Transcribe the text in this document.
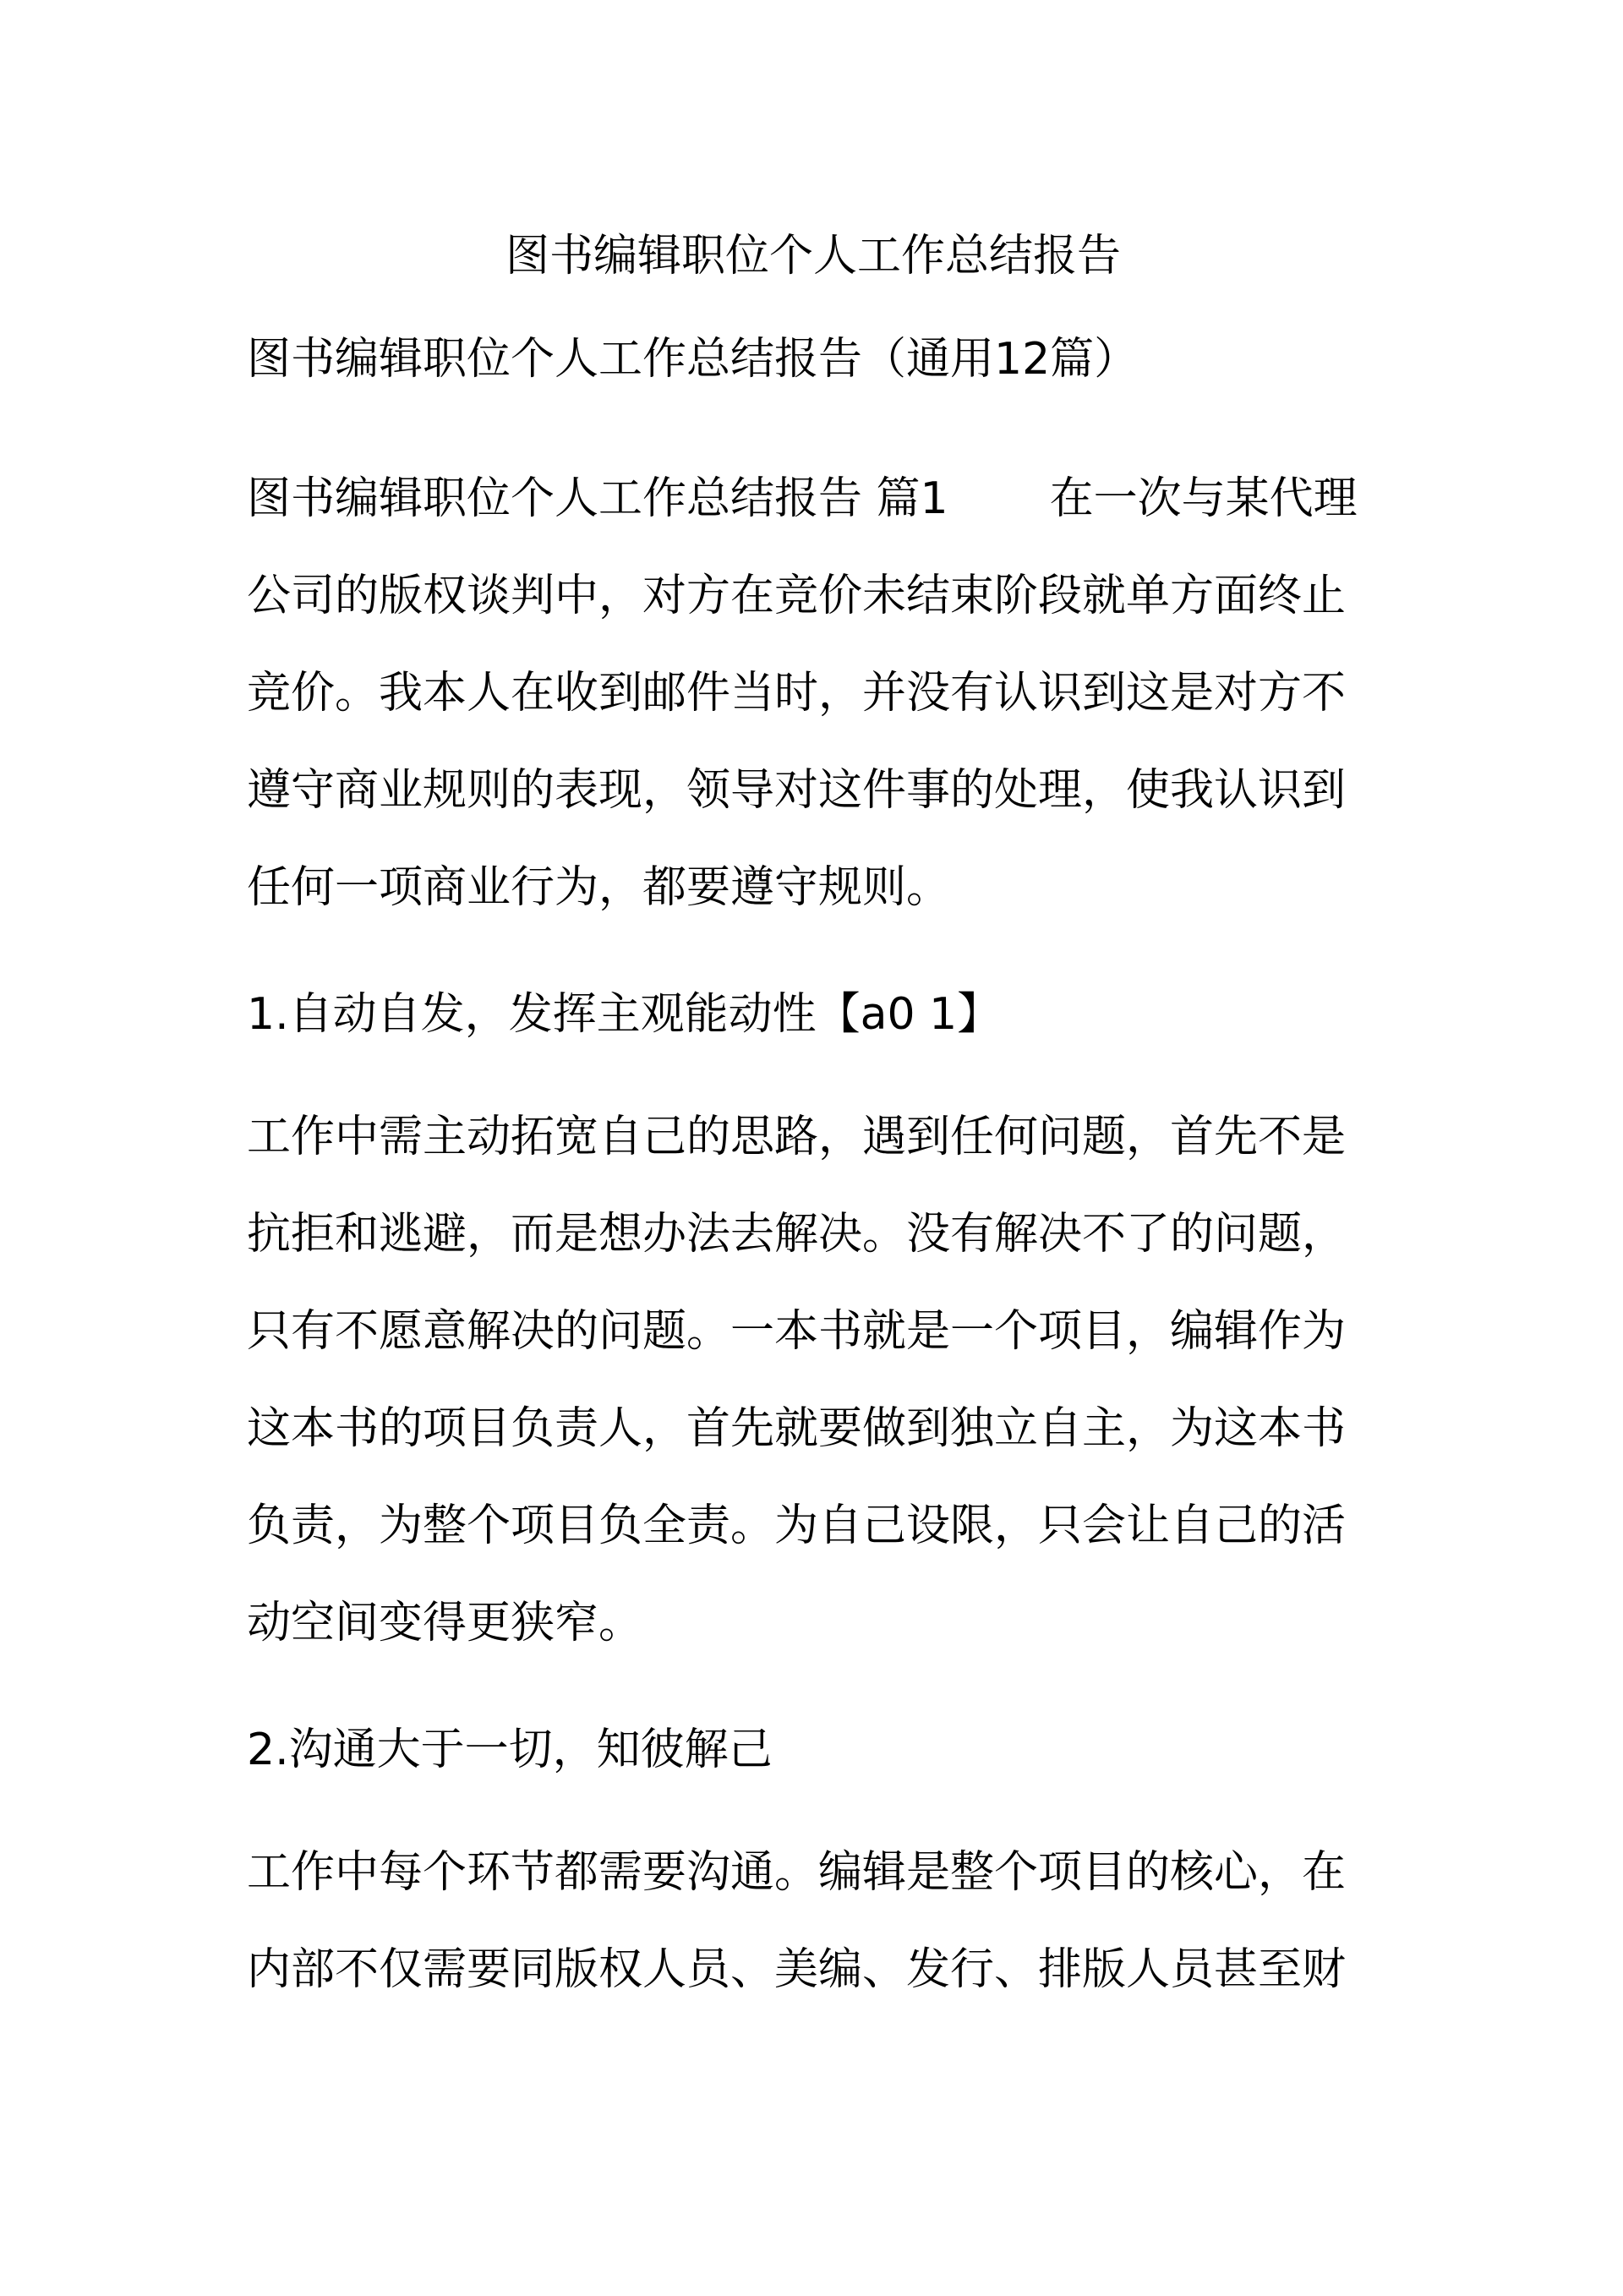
图书编辑职位个人工作总结报告
图书编辑职位个人工作总结报告（通用12篇）
图书编辑职位个人工作总结报告 篇1 在一次与某代理
公司的版权谈判中，对方在竞价未结束阶段就单方面终止
竞价。我本人在收到邮件当时，并没有认识到这是对方不
遵守商业规则的表现，领导对这件事的处理，使我认识到
任何一项商业行为，都要遵守规则。
1.自动自发，发挥主观能动性【a0 1】
工作中需主动拓宽自己的思路，遇到任何问题，首先不是
抗拒和逃避，而是想办法去解决。没有解决不了的问题，
只有不愿意解决的问题。一本书就是一个项目，编辑作为
这本书的项目负责人，首先就要做到独立自主，为这本书
负责，为整个项目负全责。为自己设限，只会让自己的活
动空间变得更狭窄。
2.沟通大于一切，知彼解己
工作中每个环节都需要沟通。编辑是整个项目的核心，在
内部不仅需要同版权人员、美编、发行、排版人员甚至财
